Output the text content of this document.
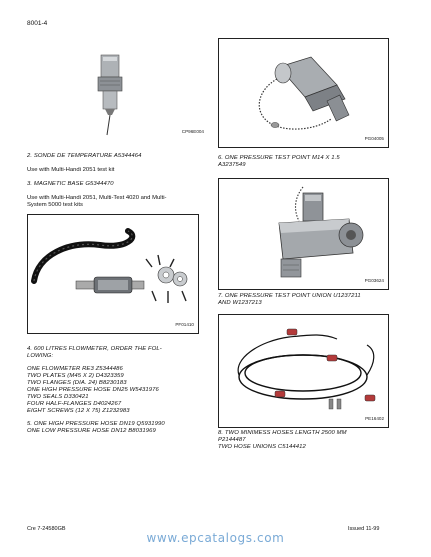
8001-4
CP96E004
2. SONDE DE TEMPERATURE A5344464
Use with Multi-Handi 2051 test kit
3. MAGNETIC BASE G5344470
Use with Multi-Handi 2051, Multi-Test 4020 and Multi-
System 5000 test kits
PF01410
4. 600 LITRES FLOWMETER, ORDER THE FOL-
LOWING:
ONE FLOWMETER RE3 Z5344486
TWO PLATES (M45 X 2) D4323359
TWO FLANGES (DIA. 24) B8230183
ONE HIGH PRESSURE HOSE DN25 W5431976
TWO SEALS D330421
FOUR HALF-FLANGES D4024267
EIGHT SCREWS (12 X 75) Z1232983
5. ONE HIGH PRESSURE HOSE DN19 Q5931990
ONE LOW PRESSURE HOSE DN12 B8031969
PG04005
6. ONE PRESSURE TEST POINT M14 X 1.5
A3237549
PG03624
7. ONE PRESSURE TEST POINT UNION U1237211
AND W1237213
PE16402
8. TWO MINIMESS HOSES LENGTH 2500 MM
P2144487
TWO HOSE UNIONS C5144412
Cre 7-24580GB	Issued 11-99
www.epcatalogs.com
